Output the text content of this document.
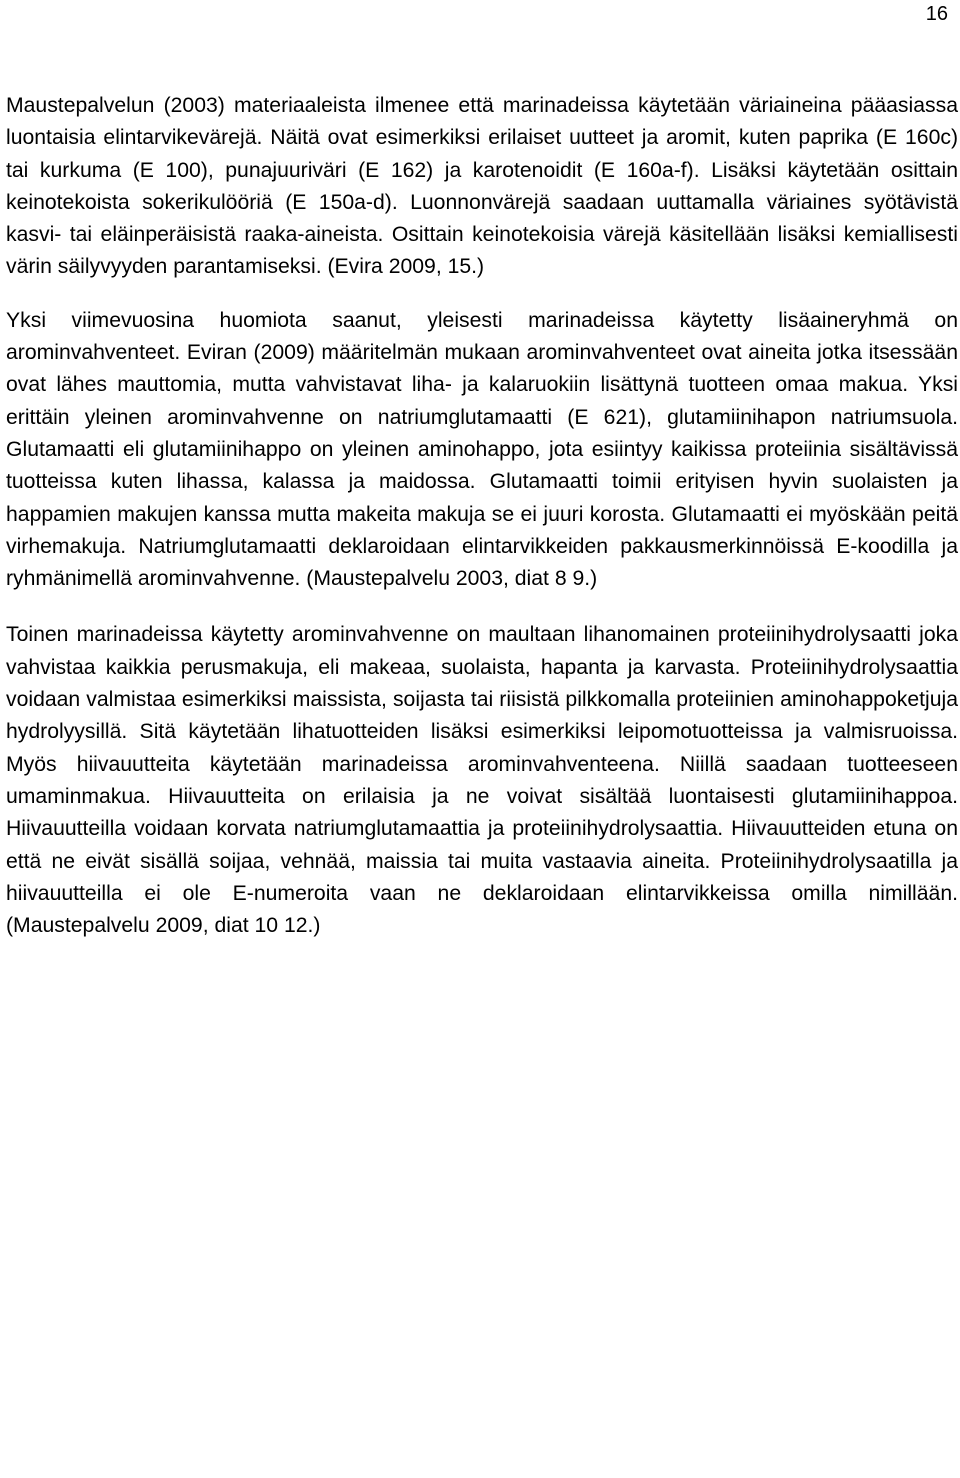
16

Maustepalvelun (2003) materiaaleista ilmenee että marinadeissa käytetään väriaineina pääasiassa luontaisia elintarvikevärejä. Näitä ovat esimerkiksi erilaiset uutteet ja aromit, kuten paprika (E 160c) tai kurkuma (E 100), punajuuriväri (E 162) ja karotenoidit (E 160a-f). Lisäksi käytetään osittain keinotekoista sokerikulööriä (E 150a-d). Luonnonvärejä saadaan uuttamalla väriaines syötävistä kasvi- tai eläinperäisistä raaka-aineista. Osittain keinotekoisia värejä käsitellään lisäksi kemiallisesti värin säilyvyyden parantamiseksi. (Evira 2009, 15.)

Yksi viimevuosina huomiota saanut, yleisesti marinadeissa käytetty lisäaineryhmä on arominvahventeet. Eviran (2009) määritelmän mukaan arominvahventeet ovat aineita jotka itsessään ovat lähes mauttomia, mutta vahvistavat liha- ja kalaruokiin lisättynä tuotteen omaa makua. Yksi erittäin yleinen arominvahvenne on natriumglutamaatti (E 621), glutamiinihapon natriumsuola. Glutamaatti eli glutamiinihappo on yleinen aminohappo, jota esiintyy kaikissa proteiinia sisältävissä tuotteissa kuten lihassa, kalassa ja maidossa. Glutamaatti toimii erityisen hyvin suolaisten ja happamien makujen kanssa mutta makeita makuja se ei juuri korosta. Glutamaatti ei myöskään peitä virhemakuja. Natriumglutamaatti deklaroidaan elintarvikkeiden pakkausmerkinnöissä E-koodilla ja ryhmänimellä arominvahvenne. (Maustepalvelu 2003, diat 8 9.)

Toinen marinadeissa käytetty arominvahvenne on maultaan lihanomainen proteiinihydrolysaatti joka vahvistaa kaikkia perusmakuja, eli makeaa, suolaista, hapanta ja karvasta. Proteiinihydrolysaattia voidaan valmistaa esimerkiksi maissista, soijasta tai riisistä pilkkomalla proteiinien aminohappoketjuja hydrolyysillä. Sitä käytetään lihatuotteiden lisäksi esimerkiksi leipomotuotteissa ja valmisruoissa. Myös hiivauutteita käytetään marinadeissa arominvahventeena. Niillä saadaan tuotteeseen umaminmakua. Hiivauutteita on erilaisia ja ne voivat sisältää luontaisesti glutamiinihappoa. Hiivauutteilla voidaan korvata natriumglutamaattia ja proteiinihydrolysaattia. Hiivauutteiden etuna on että ne eivät sisällä soijaa, vehnää, maissia tai muita vastaavia aineita. Proteiinihydrolysaatilla ja hiivauutteilla ei ole E-numeroita vaan ne deklaroidaan elintarvikkeissa omilla nimillään. (Maustepalvelu 2009, diat 10 12.)
